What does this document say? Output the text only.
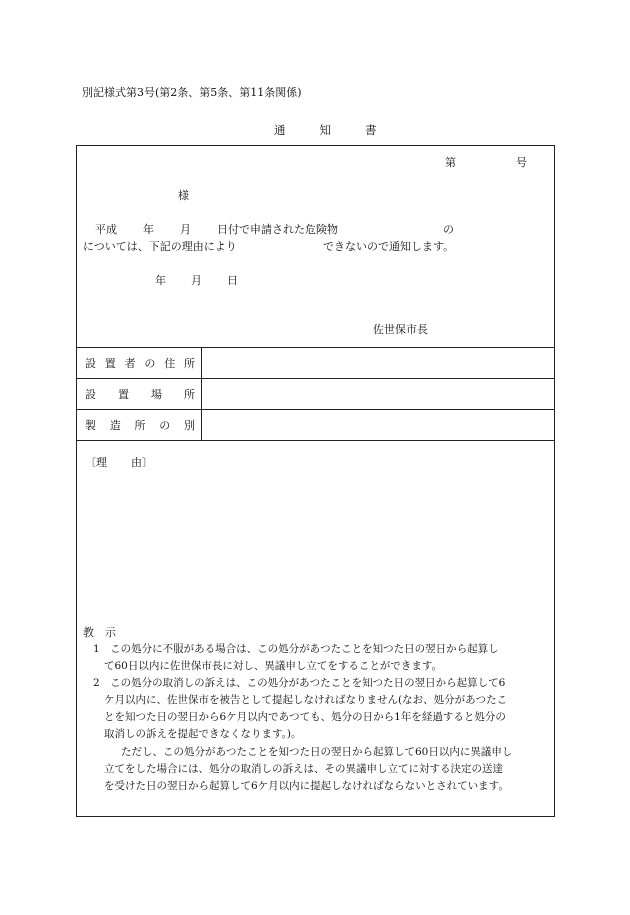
別記様式第3号(第2条、第5条、第11条関係)
通	知	書
第	号
様
平成 年 月 日付で申請された危険物	の
については、下記の理由により	できないので通知します。
年 月 日
佐世保市長
設 置 者 の 住 所
設 置 場 所
製 造 所 の 別
〔理 由〕
教　示
1　この処分に不服がある場合は、この処分があつたことを知つた日の翌日から起算し
て60日以内に佐世保市長に対し、異議申し立てをすることができます。
2　この処分の取消しの訴えは、この処分があつたことを知つた日の翌日から起算して6
ケ月以内に、佐世保市を被告として提起しなければなりません(なお、処分があつたこ
とを知つた日の翌日から6ケ月以内であつても、処分の日から1年を経過すると処分の
取消しの訴えを提起できなくなります。)。
ただし、この処分があつたことを知つた日の翌日から起算して60日以内に異議申し
立てをした場合には、処分の取消しの訴えは、その異議申し立てに対する決定の送達
を受けた日の翌日から起算して6ケ月以内に提起しなければならないとされています。
